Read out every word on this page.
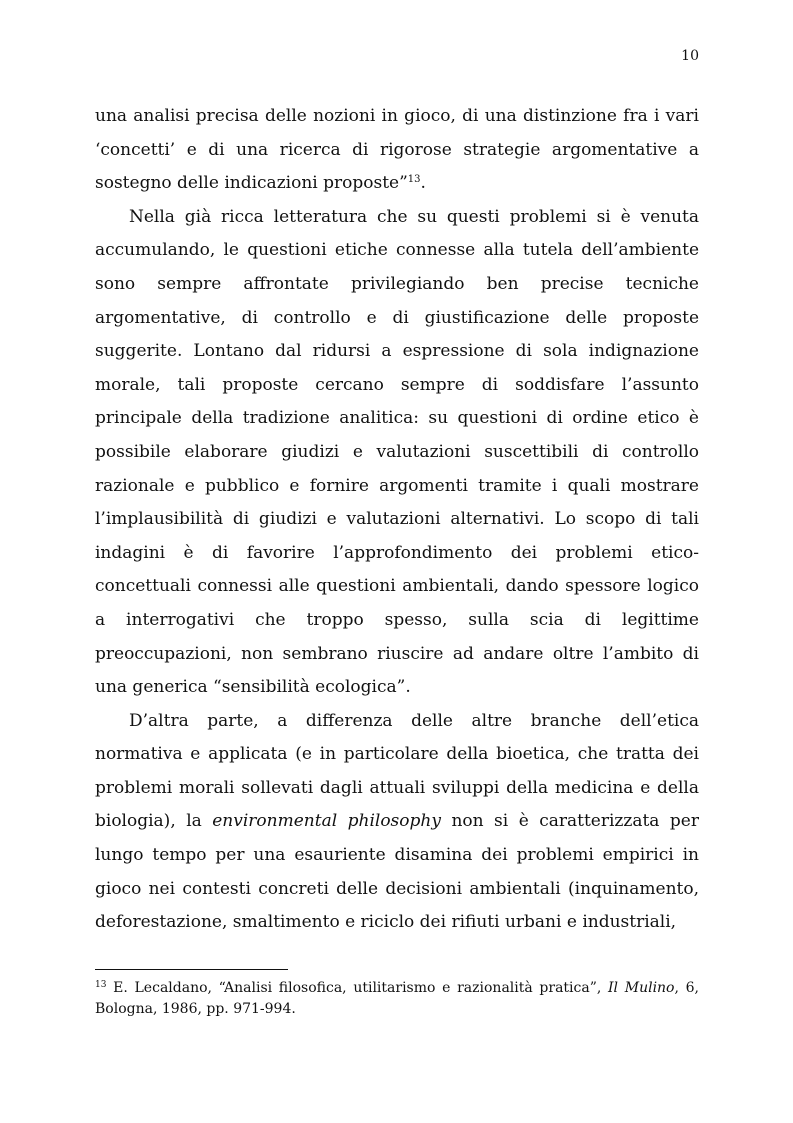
10

una analisi precisa delle nozioni in gioco, di una distinzione fra i vari ‘concetti’ e di una ricerca di rigorose strategie argomentative a sostegno delle indicazioni proposte”$^{13}$.

Nella già ricca letteratura che su questi problemi si è venuta accumulando, le questioni etiche connesse alla tutela dell’ambiente sono sempre affrontate privilegiando ben precise tecniche argomentative, di controllo e di giustificazione delle proposte suggerite. Lontano dal ridursi a espressione di sola indignazione morale, tali proposte cercano sempre di soddisfare l’assunto principale della tradizione analitica: su questioni di ordine etico è possibile elaborare giudizi e valutazioni suscettibili di controllo razionale e pubblico e fornire argomenti tramite i quali mostrare l’implausibilità di giudizi e valutazioni alternativi. Lo scopo di tali indagini è di favorire l’approfondimento dei problemi etico-concettuali connessi alle questioni ambientali, dando spessore logico a interrogativi che troppo spesso, sulla scia di legittime preoccupazioni, non sembrano riuscire ad andare oltre l’ambito di una generica “sensibilità ecologica”.

D’altra parte, a differenza delle altre branche dell’etica normativa e applicata (e in particolare della bioetica, che tratta dei problemi morali sollevati dagli attuali sviluppi della medicina e della biologia), la environmental philosophy non si è caratterizzata per lungo tempo per una esauriente disamina dei problemi empirici in gioco nei contesti concreti delle decisioni ambientali (inquinamento, deforestazione, smaltimento e riciclo dei rifiuti urbani e industriali,

$^{13}$ E. Lecaldano, “Analisi filosofica, utilitarismo e razionalità pratica”, Il Mulino, 6, Bologna, 1986, pp. 971-994.
